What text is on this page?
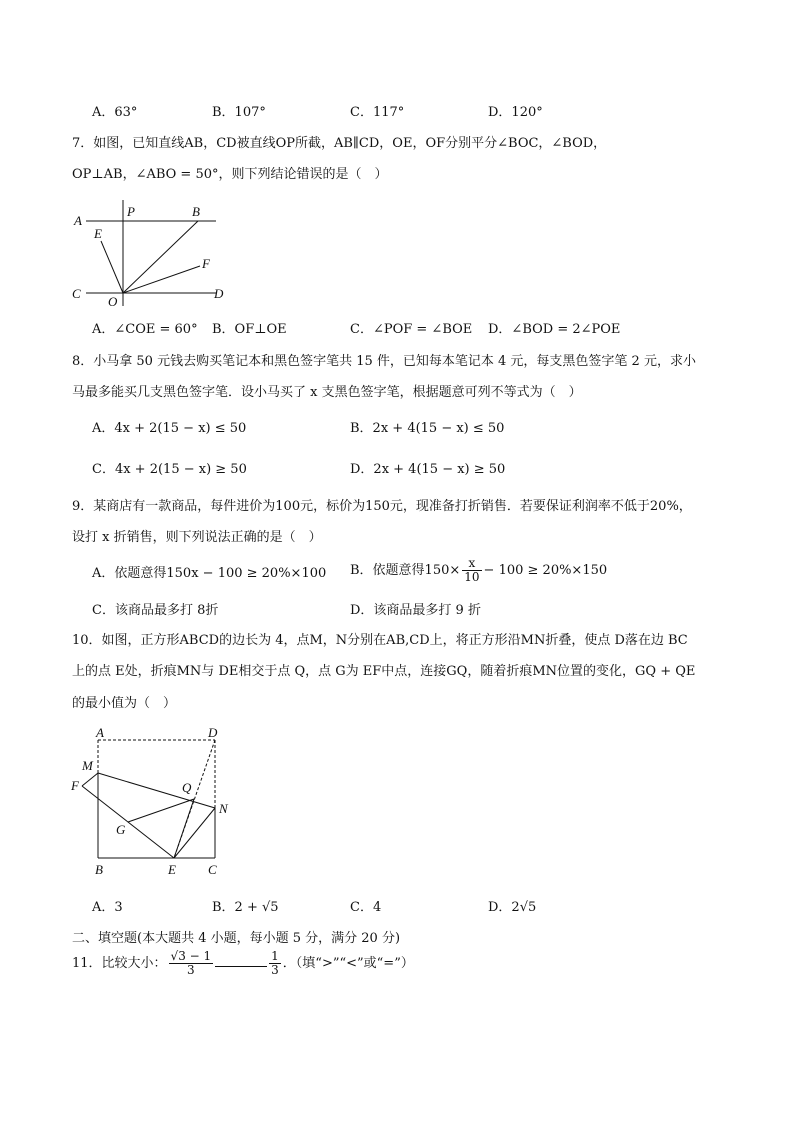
A．63°	B．107°	C．117°	D．120°
7．如图，已知直线AB，CD被直线OP所截，AB∥CD，OE，OF分别平分∠BOC，∠BOD，
OP⊥AB，∠ABO = 50°，则下列结论错误的是（　）
A
P	B
E
F
C
O
D
A．∠COE = 60° B．OF⊥OE	C．∠POF = ∠BOE D．∠BOD = 2∠POE
8．小马拿 50 元钱去购买笔记本和黑色签字笔共 15 件，已知每本笔记本 4 元，每支黑色签字笔 2 元，求小
马最多能买几支黑色签字笔．设小马买了 x 支黑色签字笔，根据题意可列不等式为（　）
A．4x + 2(15 − x) ≤ 50	B．2x + 4(15 − x) ≤ 50
C．4x + 2(15 − x) ≥ 50	D．2x + 4(15 − x) ≥ 50
9．某商店有一款商品，每件进价为100元，标价为150元，现准备打折销售．若要保证利润率不低于20%，
设打 x 折销售，则下列说法正确的是（　）
A．依题意得150x − 100 ≥ 20%×100 B．依题意得$150\times \frac{x}{10} - 100 \ge 20\%\times 150$
C．该商品最多打 8折	D．该商品最多打 9 折
10．如图，正方形ABCD的边长为 4，点M，N分别在AB,CD上，将正方形沿MN折叠，使点 D落在边 BC
上的点 E处，折痕MN与 DE相交于点 Q，点 G为 EF中点，连接GQ，随着折痕MN位置的变化，GQ + QE
的最小值为（　）
A	D
M
F	Q
N
G
B	E C
A．3	B．2 + √5	C．4	D．2√5
二、填空题(本大题共 4 小题，每小题 5 分，满分 20 分)
11．比较大小： $\frac{√3 - 1}{3}$	$\frac{1}{3}$ ．（填“>”“<”或“=”）
